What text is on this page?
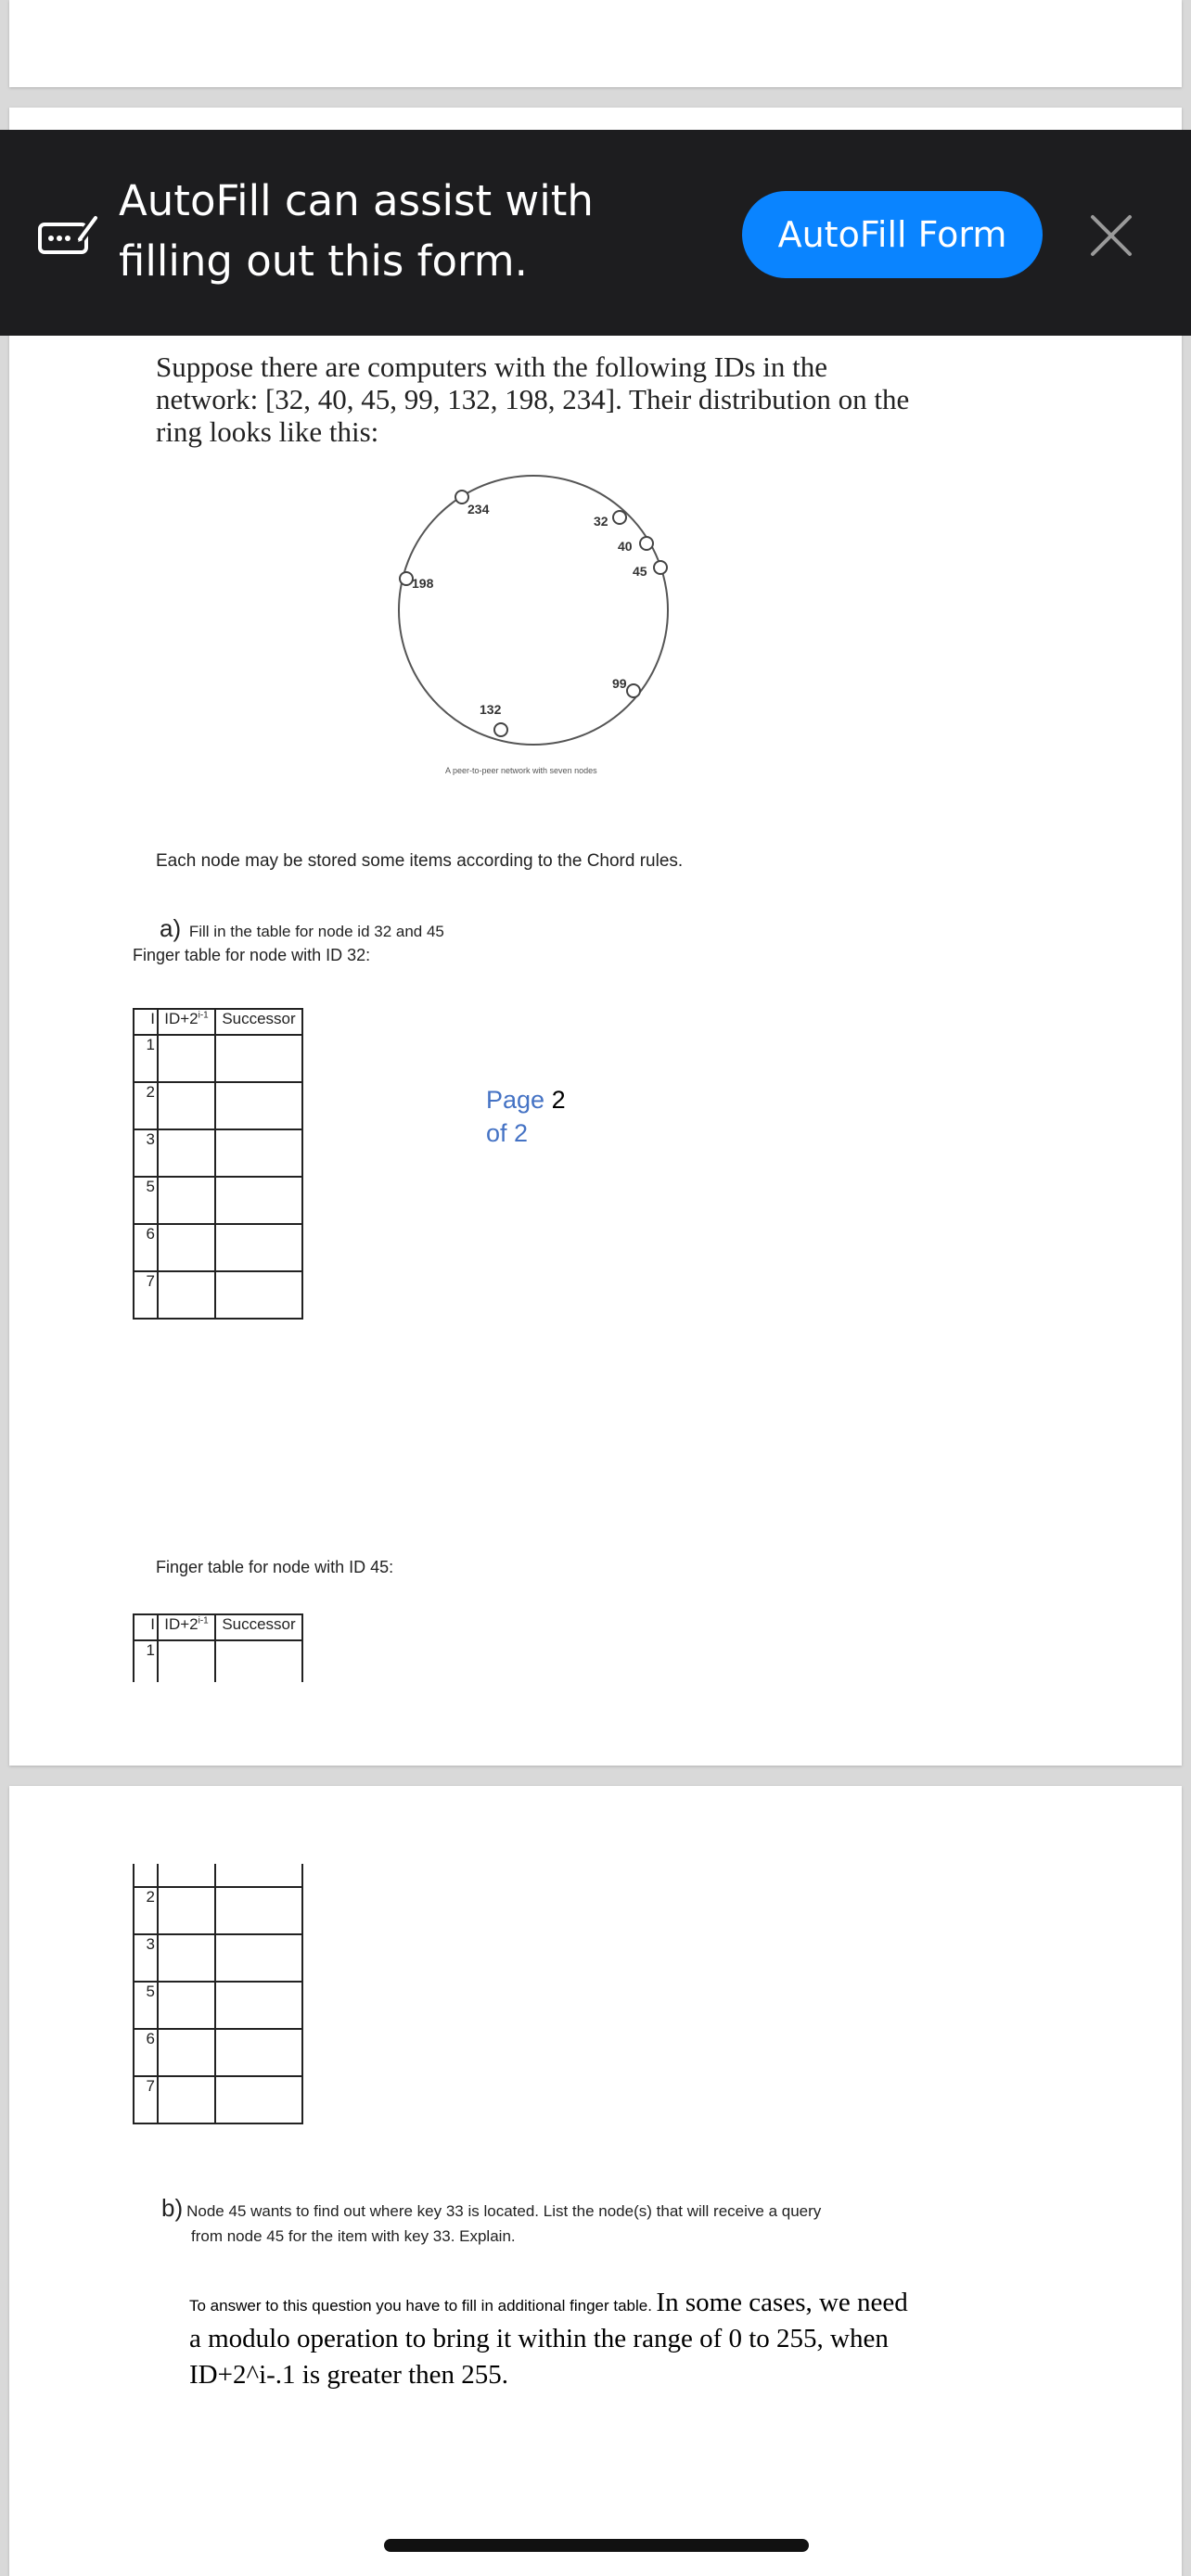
Suppose there are computers with the following IDs in the network: [32, 40, 45, 99, 132, 198, 234]. Their distribution on the ring looks like this:
234
32
40
45
198
99
132
A peer-to-peer network with seven nodes
Each node may be stored some items according to the Chord rules.
a) Fill in the table for node id 32 and 45
Finger table for node with ID 32:
I	$ID+2^{i-1}$	Successor
1		
2		
3		
5		
6		
7		
Page 2
of 2
Finger table for node with ID 45:
I	$ID+2^{i-1}$	Successor
1		

2		
3		
5		
6		
7		
b) Node 45 wants to find out where key 33 is located. List the node(s) that will receive a query
from node 45 for the item with key 33. Explain.
To answer to this question you have to fill in additional finger table. In some cases, we need a modulo operation to bring it within the range of 0 to 255, when ID+2^i-.1 is greater then 255.
AutoFill can assist with filling out this form.
AutoFill Form
